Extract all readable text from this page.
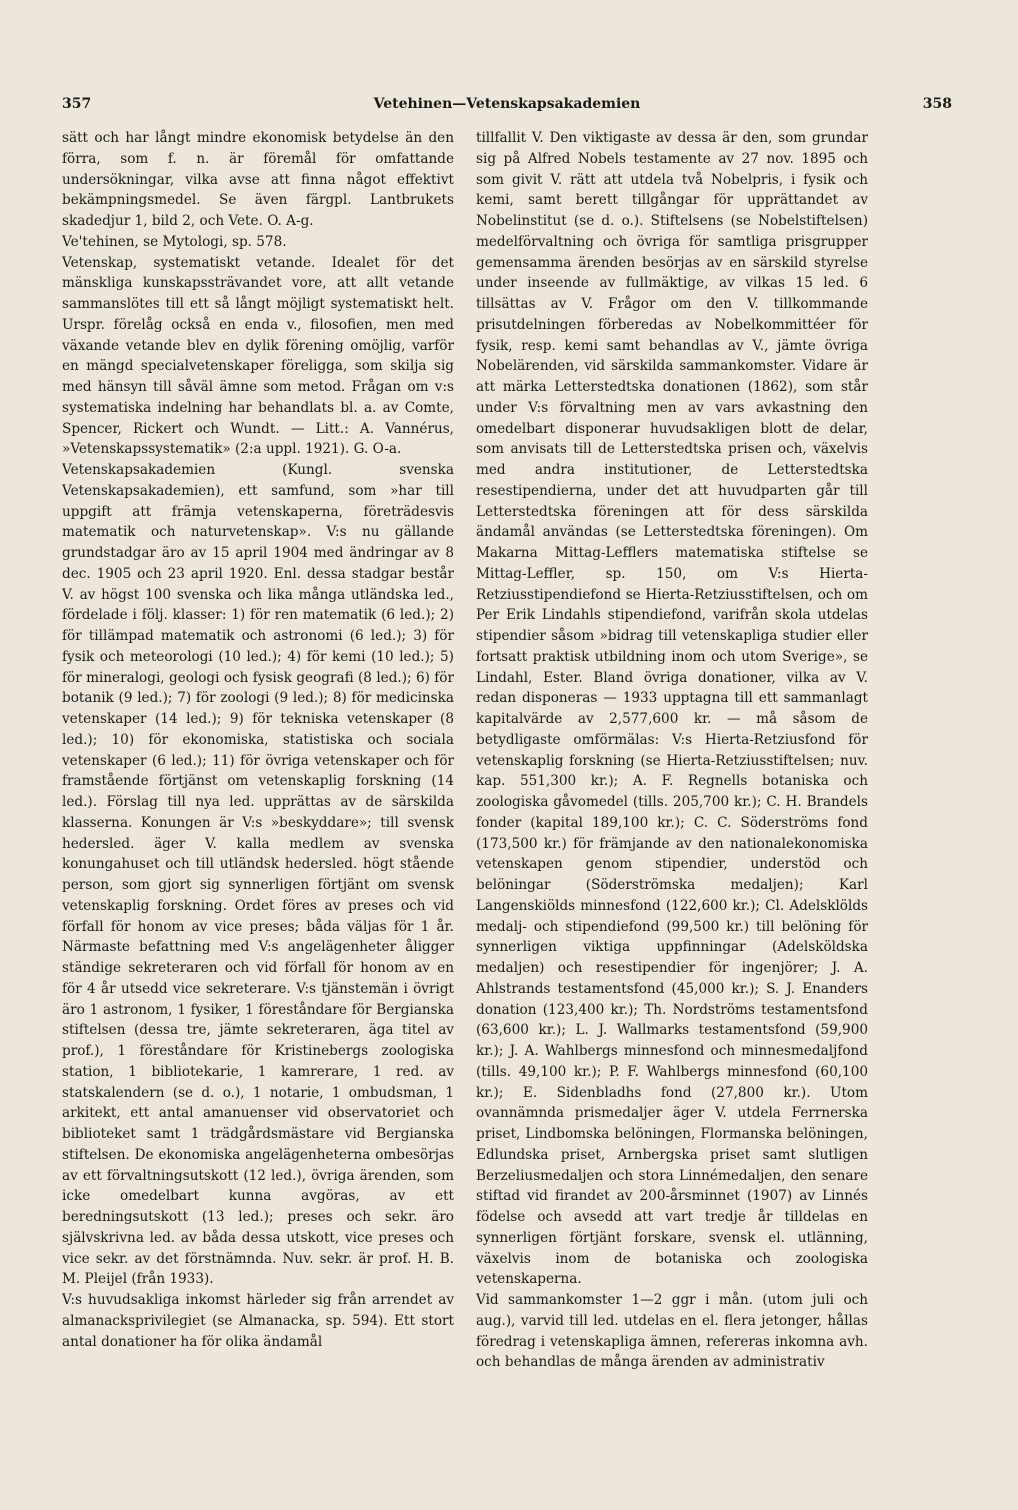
357	Vetehinen—Vetenskapsakademien	358

sätt och har långt mindre ekonomisk betydelse än den förra, som f. n. är föremål för omfattande undersökningar, vilka avse att finna något effektivt bekämpningsmedel. Se även färgpl. Lantbrukets skadedjur 1, bild 2, och Vete. O. A-g.

Ve'tehinen, se Mytologi, sp. 578.

Vetenskap, systematiskt vetande. Idealet för det mänskliga kunskapssträvandet vore, att allt vetande sammanslötes till ett så långt möjligt systematiskt helt. Urspr. förelåg också en enda v., filosofien, men med växande vetande blev en dylik förening omöjlig, varför en mängd specialvetenskaper föreligga, som skilja sig med hänsyn till såväl ämne som metod. Frågan om v:s systematiska indelning har behandlats bl. a. av Comte, Spencer, Rickert och Wundt. — Litt.: A. Vannérus, »Vetenskapssystematik» (2:a uppl. 1921). G. O-a.

Vetenskapsakademien (Kungl. svenska Vetenskapsakademien), ett samfund, som »har till uppgift att främja vetenskaperna, företrädesvis matematik och naturvetenskap». V:s nu gällande grundstadgar äro av 15 april 1904 med ändringar av 8 dec. 1905 och 23 april 1920. Enl. dessa stadgar består V. av högst 100 svenska och lika många utländska led., fördelade i följ. klasser: 1) för ren matematik (6 led.); 2) för tillämpad matematik och astronomi (6 led.); 3) för fysik och meteorologi (10 led.); 4) för kemi (10 led.); 5) för mineralogi, geologi och fysisk geografi (8 led.); 6) för botanik (9 led.); 7) för zoologi (9 led.); 8) för medicinska vetenskaper (14 led.); 9) för tekniska vetenskaper (8 led.); 10) för ekonomiska, statistiska och sociala vetenskaper (6 led.); 11) för övriga vetenskaper och för framstående förtjänst om vetenskaplig forskning (14 led.). Förslag till nya led. upprättas av de särskilda klasserna. Konungen är V:s »beskyddare»; till svensk hedersled. äger V. kalla medlem av svenska konungahuset och till utländsk hedersled. högt stående person, som gjort sig synnerligen förtjänt om svensk vetenskaplig forskning. Ordet föres av preses och vid förfall för honom av vice preses; båda väljas för 1 år. Närmaste befattning med V:s angelägenheter åligger ständige sekreteraren och vid förfall för honom av en för 4 år utsedd vice sekreterare. V:s tjänstemän i övrigt äro 1 astronom, 1 fysiker, 1 föreståndare för Bergianska stiftelsen (dessa tre, jämte sekreteraren, äga titel av prof.), 1 föreståndare för Kristinebergs zoologiska station, 1 bibliotekarie, 1 kamrerare, 1 red. av statskalendern (se d. o.), 1 notarie, 1 ombudsman, 1 arkitekt, ett antal amanuenser vid observatoriet och biblioteket samt 1 trädgårdsmästare vid Bergianska stiftelsen. De ekonomiska angelägenheterna ombesörjas av ett förvaltningsutskott (12 led.), övriga ärenden, som icke omedelbart kunna avgöras, av ett beredningsutskott (13 led.); preses och sekr. äro självskrivna led. av båda dessa utskott, vice preses och vice sekr. av det förstnämnda. Nuv. sekr. är prof. H. B. M. Pleijel (från 1933).

V:s huvudsakliga inkomst härleder sig från arrendet av almanacksprivilegiet (se Almanacka, sp. 594). Ett stort antal donationer ha för olika ändamål

tillfallit V. Den viktigaste av dessa är den, som grundar sig på Alfred Nobels testamente av 27 nov. 1895 och som givit V. rätt att utdela två Nobelpris, i fysik och kemi, samt berett tillgångar för upprättandet av Nobelinstitut (se d. o.). Stiftelsens (se Nobelstiftelsen) medelförvaltning och övriga för samtliga prisgrupper gemensamma ärenden besörjas av en särskild styrelse under inseende av fullmäktige, av vilkas 15 led. 6 tillsättas av V. Frågor om den V. tillkommande prisutdelningen förberedas av Nobelkommittéer för fysik, resp. kemi samt behandlas av V., jämte övriga Nobelärenden, vid särskilda sammankomster. Vidare är att märka Letterstedtska donationen (1862), som står under V:s förvaltning men av vars avkastning den omedelbart disponerar huvudsakligen blott de delar, som anvisats till de Letterstedtska prisen och, växelvis med andra institutioner, de Letterstedtska resestipendierna, under det att huvudparten går till Letterstedtska föreningen att för dess särskilda ändamål användas (se Letterstedtska föreningen). Om Makarna Mittag-Lefflers matematiska stiftelse se Mittag-Leffler, sp. 150, om V:s Hierta-Retziusstipendiefond se Hierta-Retziusstiftelsen, och om Per Erik Lindahls stipendiefond, varifrån skola utdelas stipendier såsom »bidrag till vetenskapliga studier eller fortsatt praktisk utbildning inom och utom Sverige», se Lindahl, Ester. Bland övriga donationer, vilka av V. redan disponeras — 1933 upptagna till ett sammanlagt kapitalvärde av 2,577,600 kr. — må såsom de betydligaste omförmälas: V:s Hierta-Retziusfond för vetenskaplig forskning (se Hierta-Retziusstiftelsen; nuv. kap. 551,300 kr.); A. F. Regnells botaniska och zoologiska gåvomedel (tills. 205,700 kr.); C. H. Brandels fonder (kapital 189,100 kr.); C. C. Söderströms fond (173,500 kr.) för främjande av den nationalekonomiska vetenskapen genom stipendier, understöd och belöningar (Söderströmska medaljen); Karl Langenskiölds minnesfond (122,600 kr.); Cl. Adelsklölds medalj- och stipendiefond (99,500 kr.) till belöning för synnerligen viktiga uppfinningar (Adelsköldska medaljen) och resestipendier för ingenjörer; J. A. Ahlstrands testamentsfond (45,000 kr.); S. J. Enanders donation (123,400 kr.); Th. Nordströms testamentsfond (63,600 kr.); L. J. Wallmarks testamentsfond (59,900 kr.); J. A. Wahlbergs minnesfond och minnesmedaljfond (tills. 49,100 kr.); P. F. Wahlbergs minnesfond (60,100 kr.); E. Sidenbladhs fond (27,800 kr.). Utom ovannämnda prismedaljer äger V. utdela Ferrnerska priset, Lindbomska belöningen, Flormanska belöningen, Edlundska priset, Arnbergska priset samt slutligen Berzeliusmedaljen och stora Linnémedaljen, den senare stiftad vid firandet av 200-årsminnet (1907) av Linnés födelse och avsedd att vart tredje år tilldelas en synnerligen förtjänt forskare, svensk el. utlänning, växelvis inom de botaniska och zoologiska vetenskaperna.

Vid sammankomster 1—2 ggr i mån. (utom juli och aug.), varvid till led. utdelas en el. flera jetonger, hållas föredrag i vetenskapliga ämnen, refereras inkomna avh. och behandlas de många ärenden av administrativ
